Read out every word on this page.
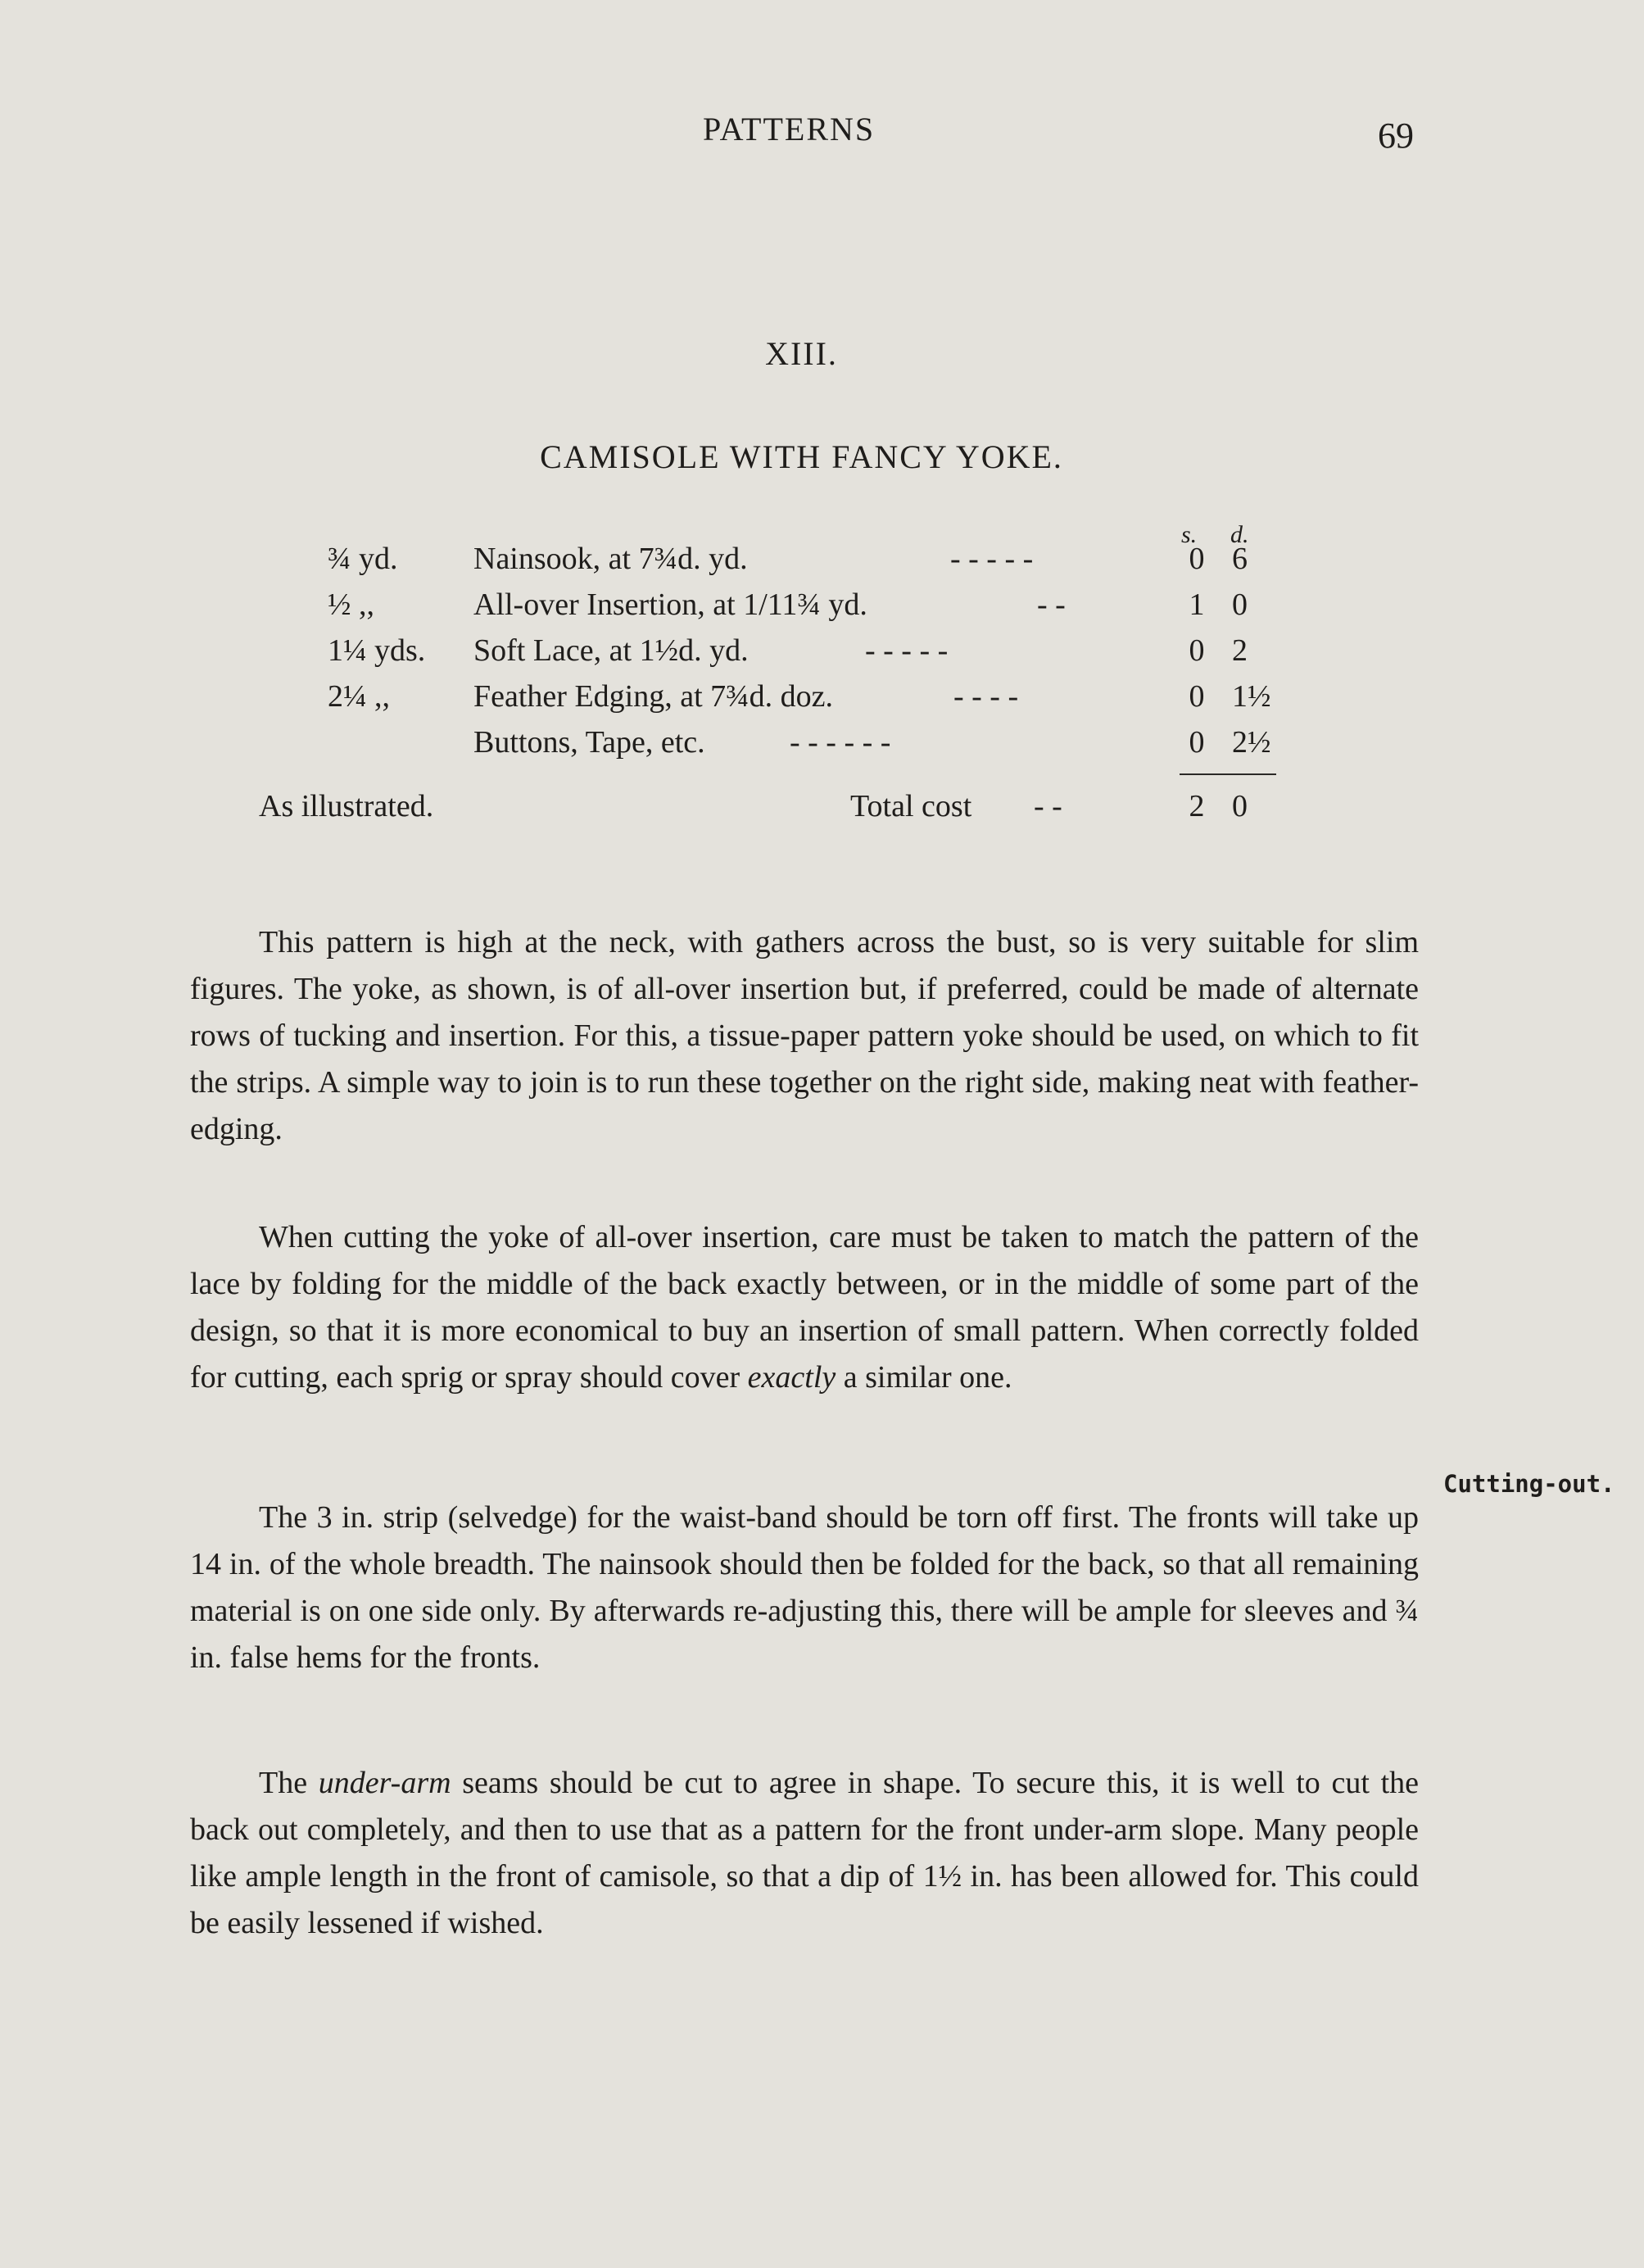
PATTERNS	69
XIII.
CAMISOLE WITH FANCY YOKE.
s. d.
¾ yd. Nainsook, at 7¾d. yd.	- - - - -	0 6
½ ,,	All-over Insertion, at 1/11¾ yd.	- -	1 0
1¼ yds. Soft Lace, at 1½d. yd.	- - - - -	0 2
2¼ ,,	Feather Edging, at 7¾d. doz.	- - - -	0 1½
Buttons, Tape, etc.	- - - - - -	0 2½
As illustrated.	Total cost - -	2 0

This pattern is high at the neck, with gathers across the bust, so is very suitable for slim figures. The yoke, as shown, is of all-over insertion but, if preferred, could be made of alternate rows of tucking and insertion. For this, a tissue-paper pattern yoke should be used, on which to fit the strips. A simple way to join is to run these together on the right side, making neat with feather-edging.

When cutting the yoke of all-over insertion, care must be taken to match the pattern of the lace by folding for the middle of the back exactly between, or in the middle of some part of the design, so that it is more economical to buy an insertion of small pattern. When correctly folded for cutting, each sprig or spray should cover exactly a similar one.

The 3 in. strip (selvedge) for the waist-band should be torn off first. The fronts will take up 14 in. of the whole breadth. The nainsook should then be folded for the back, so that all remaining material is on one side only. By afterwards re-adjusting this, there will be ample for sleeves and ¾ in. false hems for the fronts.

The under-arm seams should be cut to agree in shape. To secure this, it is well to cut the back out completely, and then to use that as a pattern for the front under-arm slope. Many people like ample length in the front of camisole, so that a dip of 1½ in. has been allowed for. This could be easily lessened if wished.

Cutting-out.
